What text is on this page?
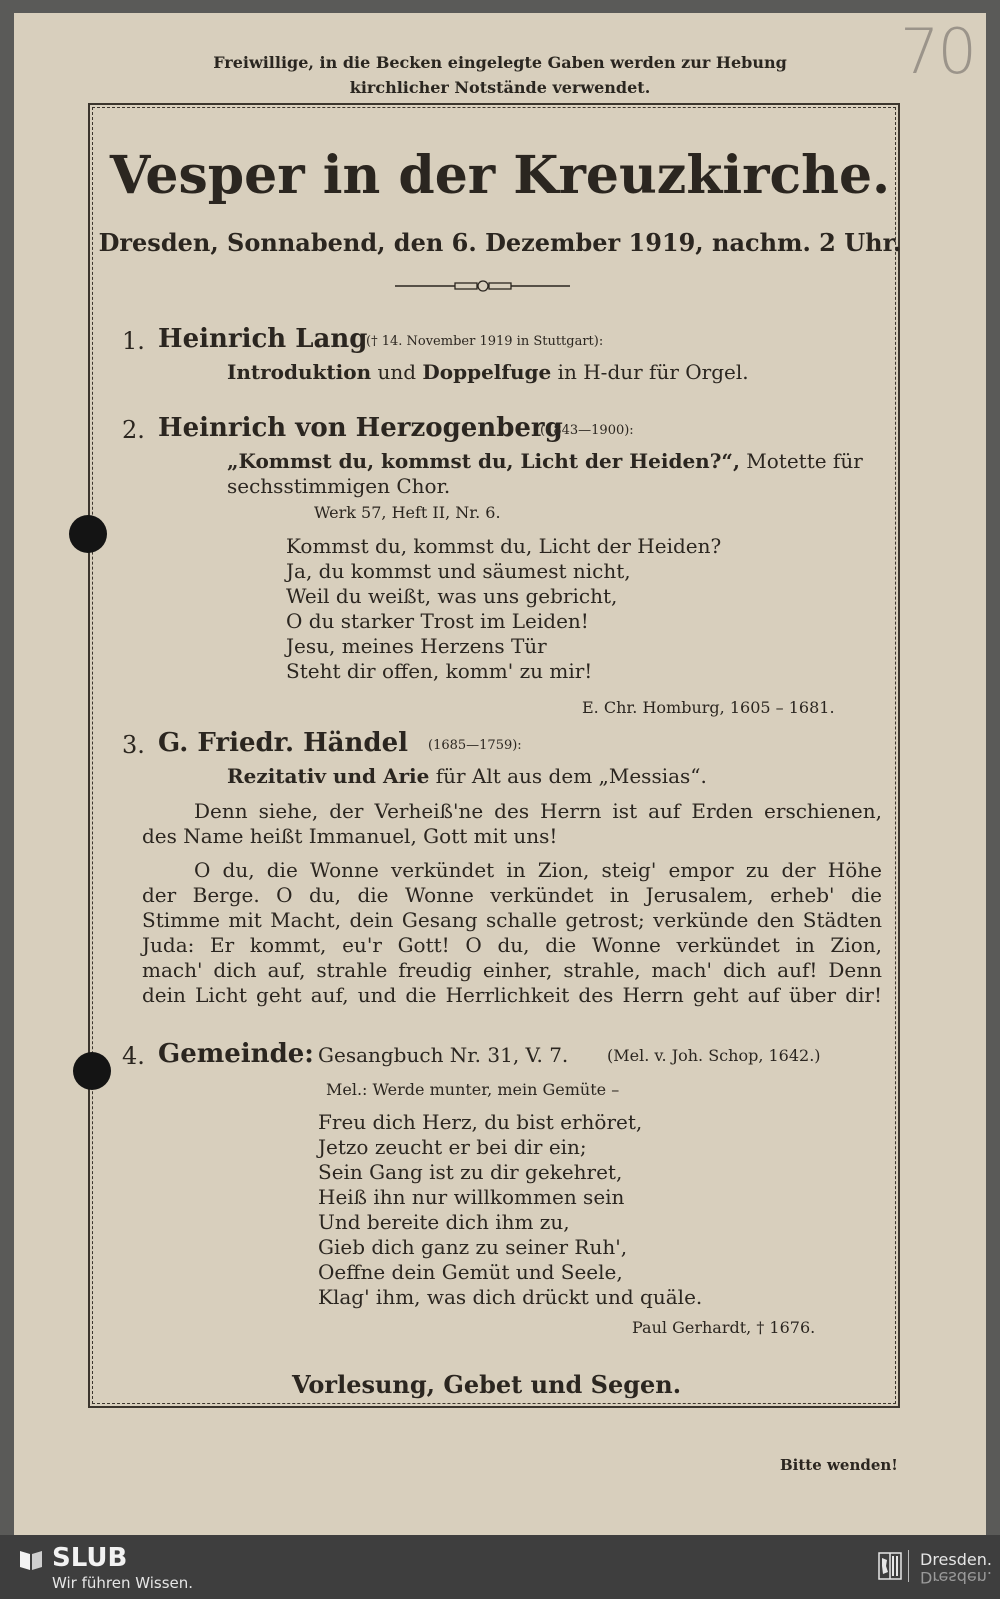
Freiwillige, in die Becken eingelegte Gaben werden zur Hebung
kirchlicher Notstände verwendet.	70
Vesper in der Kreuzkirche.
Dresden, Sonnabend, den 6. Dezember 1919, nachm. 2 Uhr.
1. Heinrich Lang
(† 14. November 1919 in Stuttgart):
Introduktion und Doppelfuge in H-dur für Orgel.
2. Heinrich von Herzogenberg
(1843—1900):
„Kommst du, kommst du, Licht der Heiden?“, Motette für
sechsstimmigen Chor.
Werk 57, Heft II, Nr. 6.
Kommst du, kommst du, Licht der Heiden?
Ja, du kommst und säumest nicht,
Weil du weißt, was uns gebricht,
O du starker Trost im Leiden!
Jesu, meines Herzens Tür
Steht dir offen, komm' zu mir!
E. Chr. Homburg, 1605 – 1681.
3. G. Friedr. Händel (1685—1759):
Rezitativ und Arie für Alt aus dem „Messias“.
Denn siehe, der Verheiß'ne des Herrn ist auf Erden erschienen,
des Name heißt Immanuel, Gott mit uns!
O du, die Wonne verkündet in Zion, steig' empor zu der Höhe
der Berge. O du, die Wonne verkündet in Jerusalem, erheb' die
Stimme mit Macht, dein Gesang schalle getrost; verkünde den Städten
Juda: Er kommt, eu'r Gott! O du, die Wonne verkündet in Zion,
mach' dich auf, strahle freudig einher, strahle, mach' dich auf! Denn
dein Licht geht auf, und die Herrlichkeit des Herrn geht auf über dir!
4. Gemeinde: Gesangbuch Nr. 31, V. 7. (Mel. v. Joh. Schop, 1642.)
Mel.: Werde munter, mein Gemüte –
Freu dich Herz, du bist erhöret,
Jetzo zeucht er bei dir ein;
Sein Gang ist zu dir gekehret,
Heiß ihn nur willkommen sein
Und bereite dich ihm zu,
Gieb dich ganz zu seiner Ruh',
Oeffne dein Gemüt und Seele,
Klag' ihm, was dich drückt und quäle.
Paul Gerhardt, † 1676.
Vorlesung, Gebet und Segen.
Bitte wenden!
SLUB
Wir führen Wissen.
Dresden.
Dresden.
